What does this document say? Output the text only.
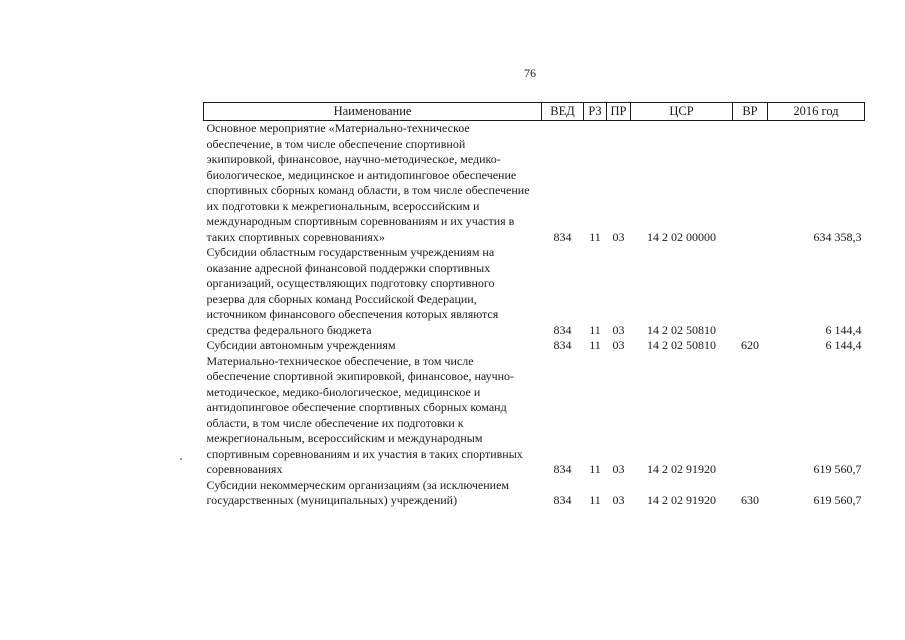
76
Наименование	ВЕД	РЗ	ПР	ЦСР	ВР	2016 год
Основное мероприятие «Материально-техническое обеспечение, в том числе обеспечение спортивной экипировкой, финансовое, научно-методическое, медико-биологическое, медицинское и антидопинговое обеспечение спортивных сборных команд области, в том числе обеспечение их подготовки к межрегиональным, всероссийским и международным спортивным соревнованиям и их участия в таких спортивных соревнованиях»	834	11	03	14 2 02 00000		634 358,3
Субсидии областным государственным учреждениям на оказание адресной финансовой поддержки спортивных организаций, осуществляющих подготовку спортивного резерва для сборных команд Российской Федерации, источником финансового обеспечения которых являются средства федерального бюджета	834	11	03	14 2 02 50810		6 144,4
Субсидии автономным учреждениям	834	11	03	14 2 02 50810	620	6 144,4
Материально-техническое обеспечение, в том числе обеспечение спортивной экипировкой, финансовое, научно-методическое, медико-биологическое, медицинское и антидопинговое обеспечение спортивных сборных команд области, в том числе обеспечение их подготовки к межрегиональным, всероссийским и международным спортивным соревнованиям и их участия в таких спортивных соревнованиях	834	11	03	14 2 02 91920		619 560,7
Субсидии некоммерческим организациям (за исключением государственных (муниципальных) учреждений)	834	11	03	14 2 02 91920	630	619 560,7
